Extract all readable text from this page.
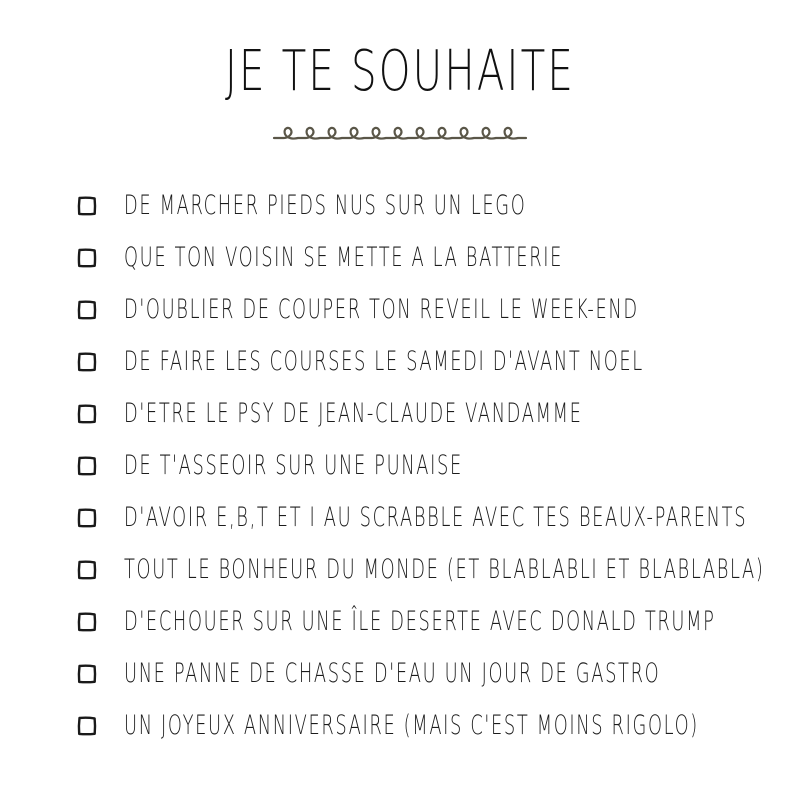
JE TE SOUHAITE
DE MARCHER PIEDS NUS SUR UN LEGO
QUE TON VOISIN SE METTE A LA BATTERIE
D'OUBLIER DE COUPER TON REVEIL LE WEEK-END
DE FAIRE LES COURSES LE SAMEDI D'AVANT NOEL
D'ETRE LE PSY DE JEAN-CLAUDE VANDAMME
DE T'ASSEOIR SUR UNE PUNAISE
D'AVOIR E,B,T ET I AU SCRABBLE AVEC TES BEAUX-PARENTS
TOUT LE BONHEUR DU MONDE (ET BLABLABLI ET BLABLABLA)
D'ECHOUER SUR UNE ÎLE DESERTE AVEC DONALD TRUMP
UNE PANNE DE CHASSE D'EAU UN JOUR DE GASTRO
UN JOYEUX ANNIVERSAIRE (MAIS C'EST MOINS RIGOLO)
